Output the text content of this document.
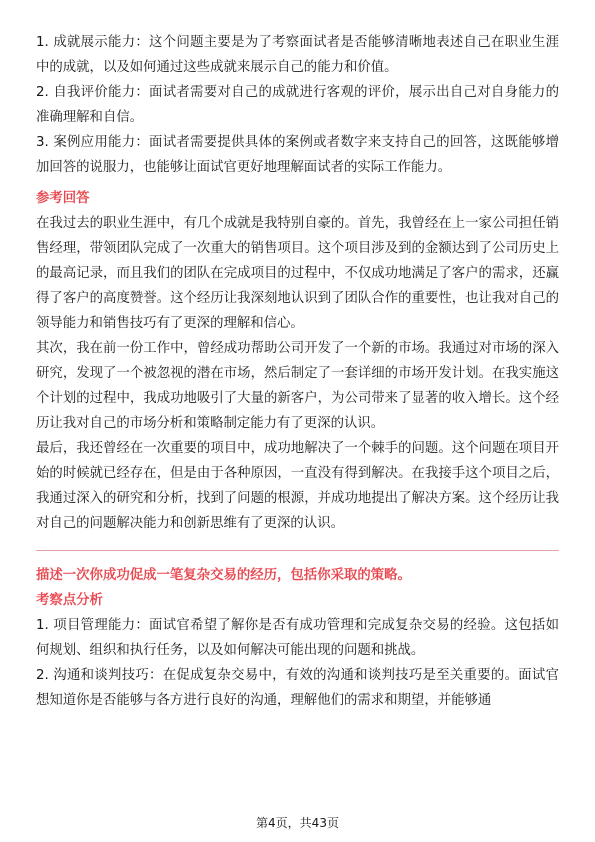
1. 成就展示能力：这个问题主要是为了考察面试者是否能够清晰地表述自己在职业生涯中的成就，以及如何通过这些成就来展示自己的能力和价值。

2. 自我评价能力：面试者需要对自己的成就进行客观的评价，展示出自己对自身能力的准确理解和自信。

3. 案例应用能力：面试者需要提供具体的案例或者数字来支持自己的回答，这既能够增加回答的说服力，也能够让面试官更好地理解面试者的实际工作能力。

参考回答

在我过去的职业生涯中，有几个成就是我特别自豪的。首先，我曾经在上一家公司担任销售经理，带领团队完成了一次重大的销售项目。这个项目涉及到的金额达到了公司历史上的最高记录，而且我们的团队在完成项目的过程中，不仅成功地满足了客户的需求，还赢得了客户的高度赞誉。这个经历让我深刻地认识到了团队合作的重要性，也让我对自己的领导能力和销售技巧有了更深的理解和信心。

其次，我在前一份工作中，曾经成功帮助公司开发了一个新的市场。我通过对市场的深入研究，发现了一个被忽视的潜在市场，然后制定了一套详细的市场开发计划。在我实施这个计划的过程中，我成功地吸引了大量的新客户，为公司带来了显著的收入增长。这个经历让我对自己的市场分析和策略制定能力有了更深的认识。

最后，我还曾经在一次重要的项目中，成功地解决了一个棘手的问题。这个问题在项目开始的时候就已经存在，但是由于各种原因，一直没有得到解决。在我接手这个项目之后，我通过深入的研究和分析，找到了问题的根源，并成功地提出了解决方案。这个经历让我对自己的问题解决能力和创新思维有了更深的认识。

描述一次你成功促成一笔复杂交易的经历，包括你采取的策略。
考察点分析

1. 项目管理能力：面试官希望了解你是否有成功管理和完成复杂交易的经验。这包括如何规划、组织和执行任务，以及如何解决可能出现的问题和挑战。

2. 沟通和谈判技巧：在促成复杂交易中，有效的沟通和谈判技巧是至关重要的。面试官想知道你是否能够与各方进行良好的沟通，理解他们的需求和期望，并能够通

第4页，共43页
